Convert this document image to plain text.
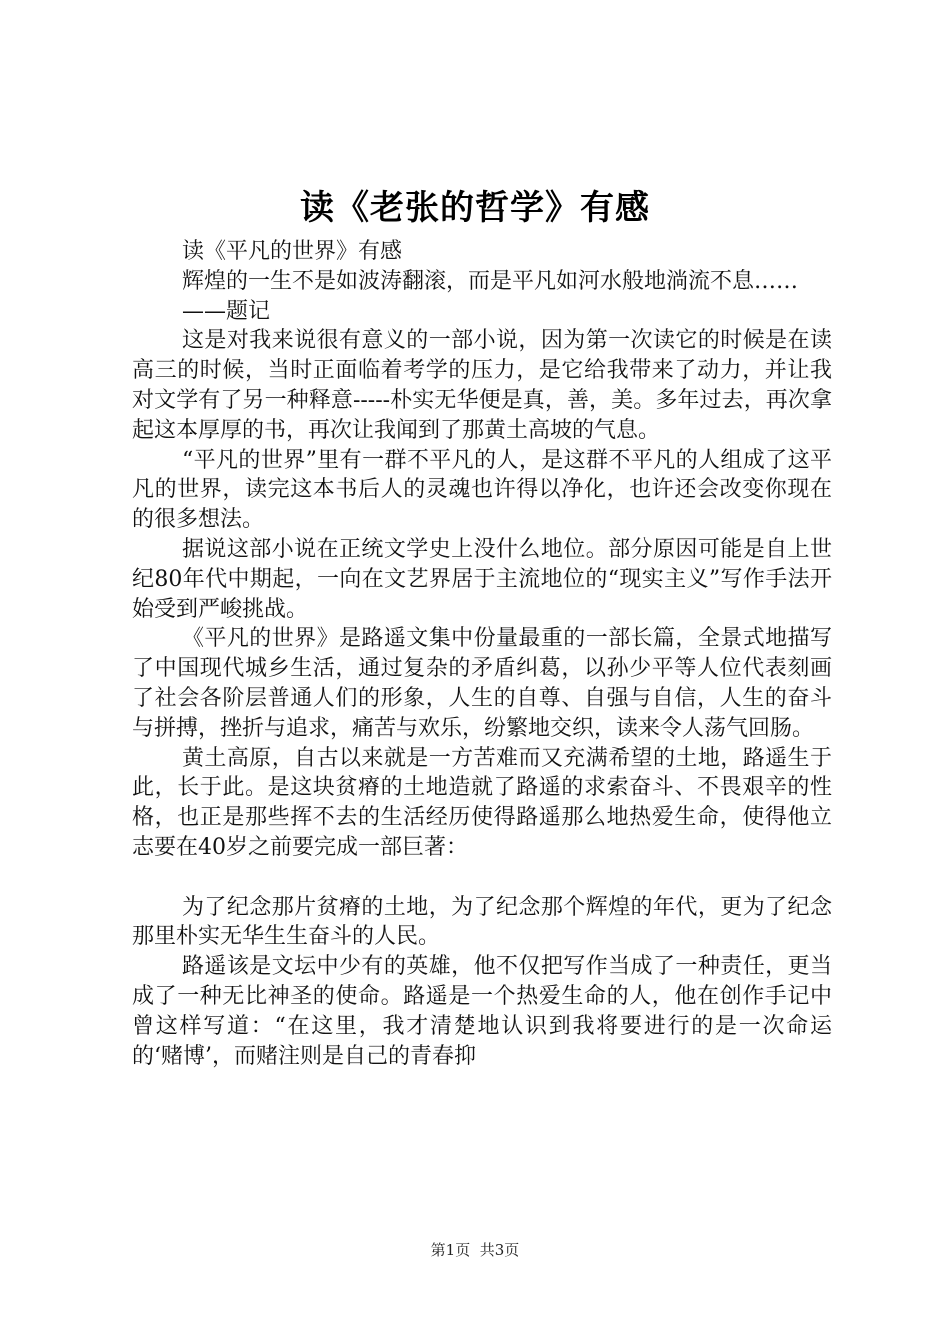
读《老张的哲学》有感

读《平凡的世界》有感

辉煌的一生不是如波涛翻滚，而是平凡如河水般地淌流不息……

——题记

这是对我来说很有意义的一部小说，因为第一次读它的时候是在读高三的时候，当时正面临着考学的压力，是它给我带来了动力，并让我对文学有了另一种释意-----朴实无华便是真，善，美。多年过去，再次拿起这本厚厚的书，再次让我闻到了那黄土高坡的气息。

“平凡的世界”里有一群不平凡的人，是这群不平凡的人组成了这平凡的世界，读完这本书后人的灵魂也许得以净化，也许还会改变你现在的很多想法。

据说这部小说在正统文学史上没什么地位。部分原因可能是自上世纪80年代中期起，一向在文艺界居于主流地位的“现实主义”写作手法开始受到严峻挑战。

《平凡的世界》是路遥文集中份量最重的一部长篇，全景式地描写了中国现代城乡生活，通过复杂的矛盾纠葛，以孙少平等人位代表刻画了社会各阶层普通人们的形象，人生的自尊、自强与自信，人生的奋斗与拼搏，挫折与追求，痛苦与欢乐，纷繁地交织，读来令人荡气回肠。

黄土高原，自古以来就是一方苦难而又充满希望的土地，路遥生于此，长于此。是这块贫瘠的土地造就了路遥的求索奋斗、不畏艰辛的性格，也正是那些挥不去的生活经历使得路遥那么地热爱生命，使得他立志要在40岁之前要完成一部巨著：

为了纪念那片贫瘠的土地，为了纪念那个辉煌的年代，更为了纪念那里朴实无华生生奋斗的人民。

路遥该是文坛中少有的英雄，他不仅把写作当成了一种责任，更当成了一种无比神圣的使命。路遥是一个热爱生命的人，他在创作手记中曾这样写道：“在这里，我才清楚地认识到我将要进行的是一次命运的‘赌博’，而赌注则是自己的青春抑

第1页 共3页
